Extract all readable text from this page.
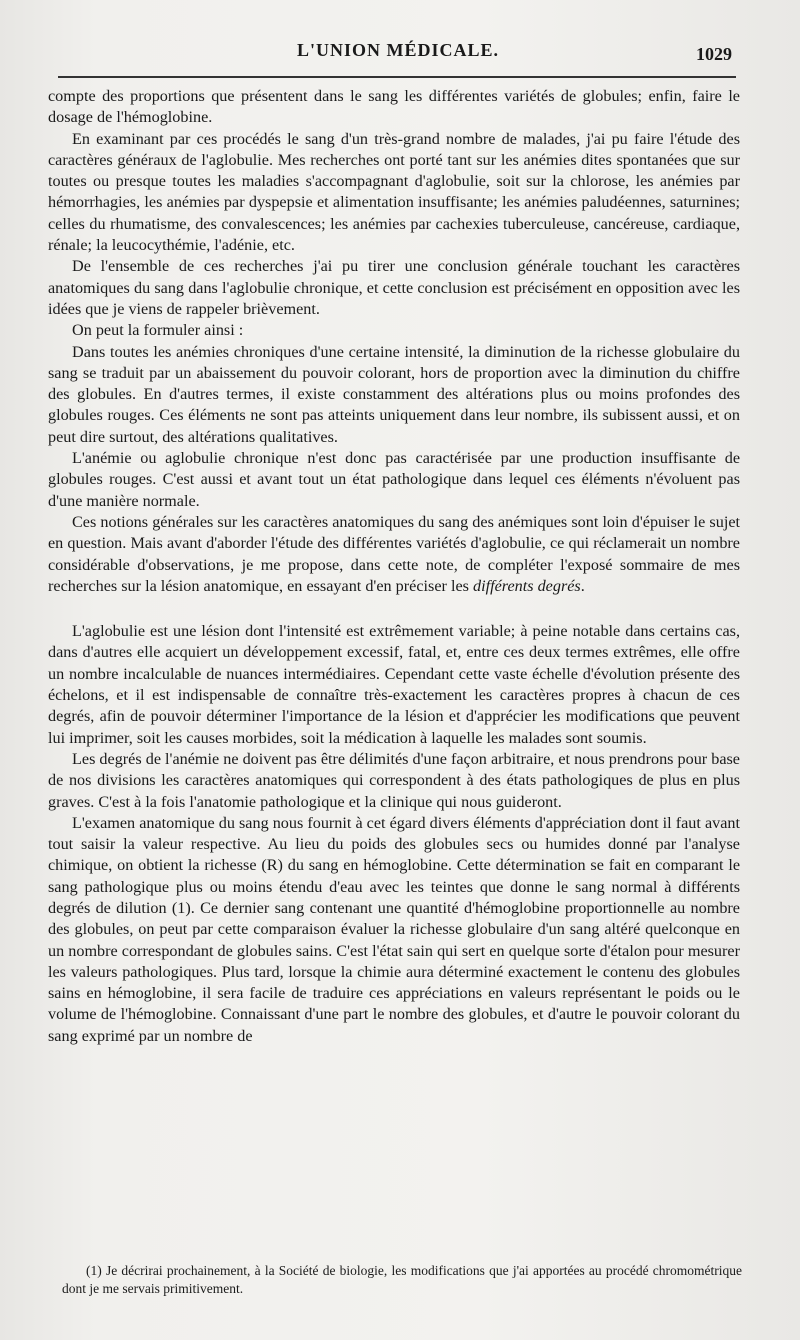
L'UNION MÉDICALE.	1029

compte des proportions que présentent dans le sang les différentes variétés de globules; enfin, faire le dosage de l'hémoglobine.

En examinant par ces procédés le sang d'un très-grand nombre de malades, j'ai pu faire l'étude des caractères généraux de l'aglobulie. Mes recherches ont porté tant sur les anémies dites spontanées que sur toutes ou presque toutes les maladies s'accompagnant d'aglobulie, soit sur la chlorose, les anémies par hémorrhagies, les anémies par dyspepsie et alimentation insuffisante; les anémies paludéennes, saturnines; celles du rhumatisme, des convalescences; les anémies par cachexies tuberculeuse, cancéreuse, cardiaque, rénale; la leucocythémie, l'adénie, etc.

De l'ensemble de ces recherches j'ai pu tirer une conclusion générale touchant les caractères anatomiques du sang dans l'aglobulie chronique, et cette conclusion est précisément en opposition avec les idées que je viens de rappeler brièvement.

On peut la formuler ainsi :

Dans toutes les anémies chroniques d'une certaine intensité, la diminution de la richesse globulaire du sang se traduit par un abaissement du pouvoir colorant, hors de proportion avec la diminution du chiffre des globules. En d'autres termes, il existe constamment des altérations plus ou moins profondes des globules rouges. Ces éléments ne sont pas atteints uniquement dans leur nombre, ils subissent aussi, et on peut dire surtout, des altérations qualitatives.

L'anémie ou aglobulie chronique n'est donc pas caractérisée par une production insuffisante de globules rouges. C'est aussi et avant tout un état pathologique dans lequel ces éléments n'évoluent pas d'une manière normale.

Ces notions générales sur les caractères anatomiques du sang des anémiques sont loin d'épuiser le sujet en question. Mais avant d'aborder l'étude des différentes variétés d'aglobulie, ce qui réclamerait un nombre considérable d'observations, je me propose, dans cette note, de compléter l'exposé sommaire de mes recherches sur la lésion anatomique, en essayant d'en préciser les différents degrés.

L'aglobulie est une lésion dont l'intensité est extrêmement variable; à peine notable dans certains cas, dans d'autres elle acquiert un développement excessif, fatal, et, entre ces deux termes extrêmes, elle offre un nombre incalculable de nuances intermédiaires. Cependant cette vaste échelle d'évolution présente des échelons, et il est indispensable de connaître très-exactement les caractères propres à chacun de ces degrés, afin de pouvoir déterminer l'importance de la lésion et d'apprécier les modifications que peuvent lui imprimer, soit les causes morbides, soit la médication à laquelle les malades sont soumis.

Les degrés de l'anémie ne doivent pas être délimités d'une façon arbitraire, et nous prendrons pour base de nos divisions les caractères anatomiques qui correspondent à des états pathologiques de plus en plus graves. C'est à la fois l'anatomie pathologique et la clinique qui nous guideront.

L'examen anatomique du sang nous fournit à cet égard divers éléments d'appréciation dont il faut avant tout saisir la valeur respective. Au lieu du poids des globules secs ou humides donné par l'analyse chimique, on obtient la richesse (R) du sang en hémoglobine. Cette détermination se fait en comparant le sang pathologique plus ou moins étendu d'eau avec les teintes que donne le sang normal à différents degrés de dilution (1). Ce dernier sang contenant une quantité d'hémoglobine proportionnelle au nombre des globules, on peut par cette comparaison évaluer la richesse globulaire d'un sang altéré quelconque en un nombre correspondant de globules sains. C'est l'état sain qui sert en quelque sorte d'étalon pour mesurer les valeurs pathologiques. Plus tard, lorsque la chimie aura déterminé exactement le contenu des globules sains en hémoglobine, il sera facile de traduire ces appréciations en valeurs représentant le poids ou le volume de l'hémoglobine. Connaissant d'une part le nombre des globules, et d'autre le pouvoir colorant du sang exprimé par un nombre de

(1) Je décrirai prochainement, à la Société de biologie, les modifications que j'ai apportées au procédé chromométrique dont je me servais primitivement.
